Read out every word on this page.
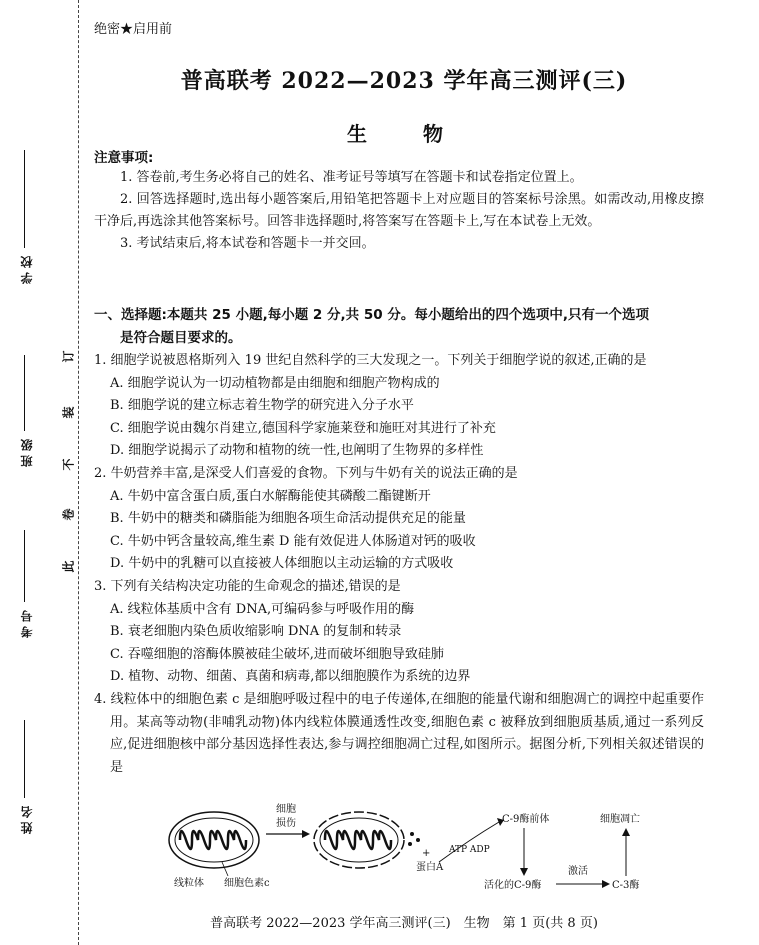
学校
班级
考号
姓名
订
装
不
卷
此
绝密★启用前
普高联考 2022—2023 学年高三测评(三)
生　物
注意事项:

1. 答卷前,考生务必将自己的姓名、准考证号等填写在答题卡和试卷指定位置上。

2. 回答选择题时,选出每小题答案后,用铅笔把答题卡上对应题目的答案标号涂黑。如需改动,用橡皮擦干净后,再选涂其他答案标号。回答非选择题时,将答案写在答题卡上,写在本试卷上无效。

3. 考试结束后,将本试卷和答题卡一并交回。

一、选择题:本题共 25 小题,每小题 2 分,共 50 分。每小题给出的四个选项中,只有一个选项
是符合题目要求的。

1. 细胞学说被恩格斯列入 19 世纪自然科学的三大发现之一。下列关于细胞学说的叙述,正确的是

A. 细胞学说认为一切动植物都是由细胞和细胞产物构成的

B. 细胞学说的建立标志着生物学的研究进入分子水平

C. 细胞学说由魏尔肖建立,德国科学家施莱登和施旺对其进行了补充

D. 细胞学说揭示了动物和植物的统一性,也阐明了生物界的多样性

2. 牛奶营养丰富,是深受人们喜爱的食物。下列与牛奶有关的说法正确的是

A. 牛奶中富含蛋白质,蛋白水解酶能使其磷酸二酯键断开

B. 牛奶中的糖类和磷脂能为细胞各项生命活动提供充足的能量

C. 牛奶中钙含量较高,维生素 D 能有效促进人体肠道对钙的吸收

D. 牛奶中的乳糖可以直接被人体细胞以主动运输的方式吸收

3. 下列有关结构决定功能的生命观念的描述,错误的是

A. 线粒体基质中含有 DNA,可编码参与呼吸作用的酶

B. 衰老细胞内染色质收缩影响 DNA 的复制和转录

C. 吞噬细胞的溶酶体膜被硅尘破坏,进而破坏细胞导致硅肺

D. 植物、动物、细菌、真菌和病毒,都以细胞膜作为系统的边界

4. 线粒体中的细胞色素 c 是细胞呼吸过程中的电子传递体,在细胞的能量代谢和细胞凋亡的调控中起重要作用。某高等动物(非哺乳动物)体内线粒体膜通透性改变,细胞色素 c 被释放到细胞质基质,通过一系列反应,促进细胞核中部分基因选择性表达,参与调控细胞凋亡过程,如图所示。据图分析,下列相关叙述错误的是

线粒体 细胞色素c
细胞
损伤
+
蛋白A
ATP ADP
C-9酶前体
活化的C-9酶
激活
C-3酶
细胞凋亡
普高联考 2022—2023 学年高三测评(三)　生物　第 1 页(共 8 页)
